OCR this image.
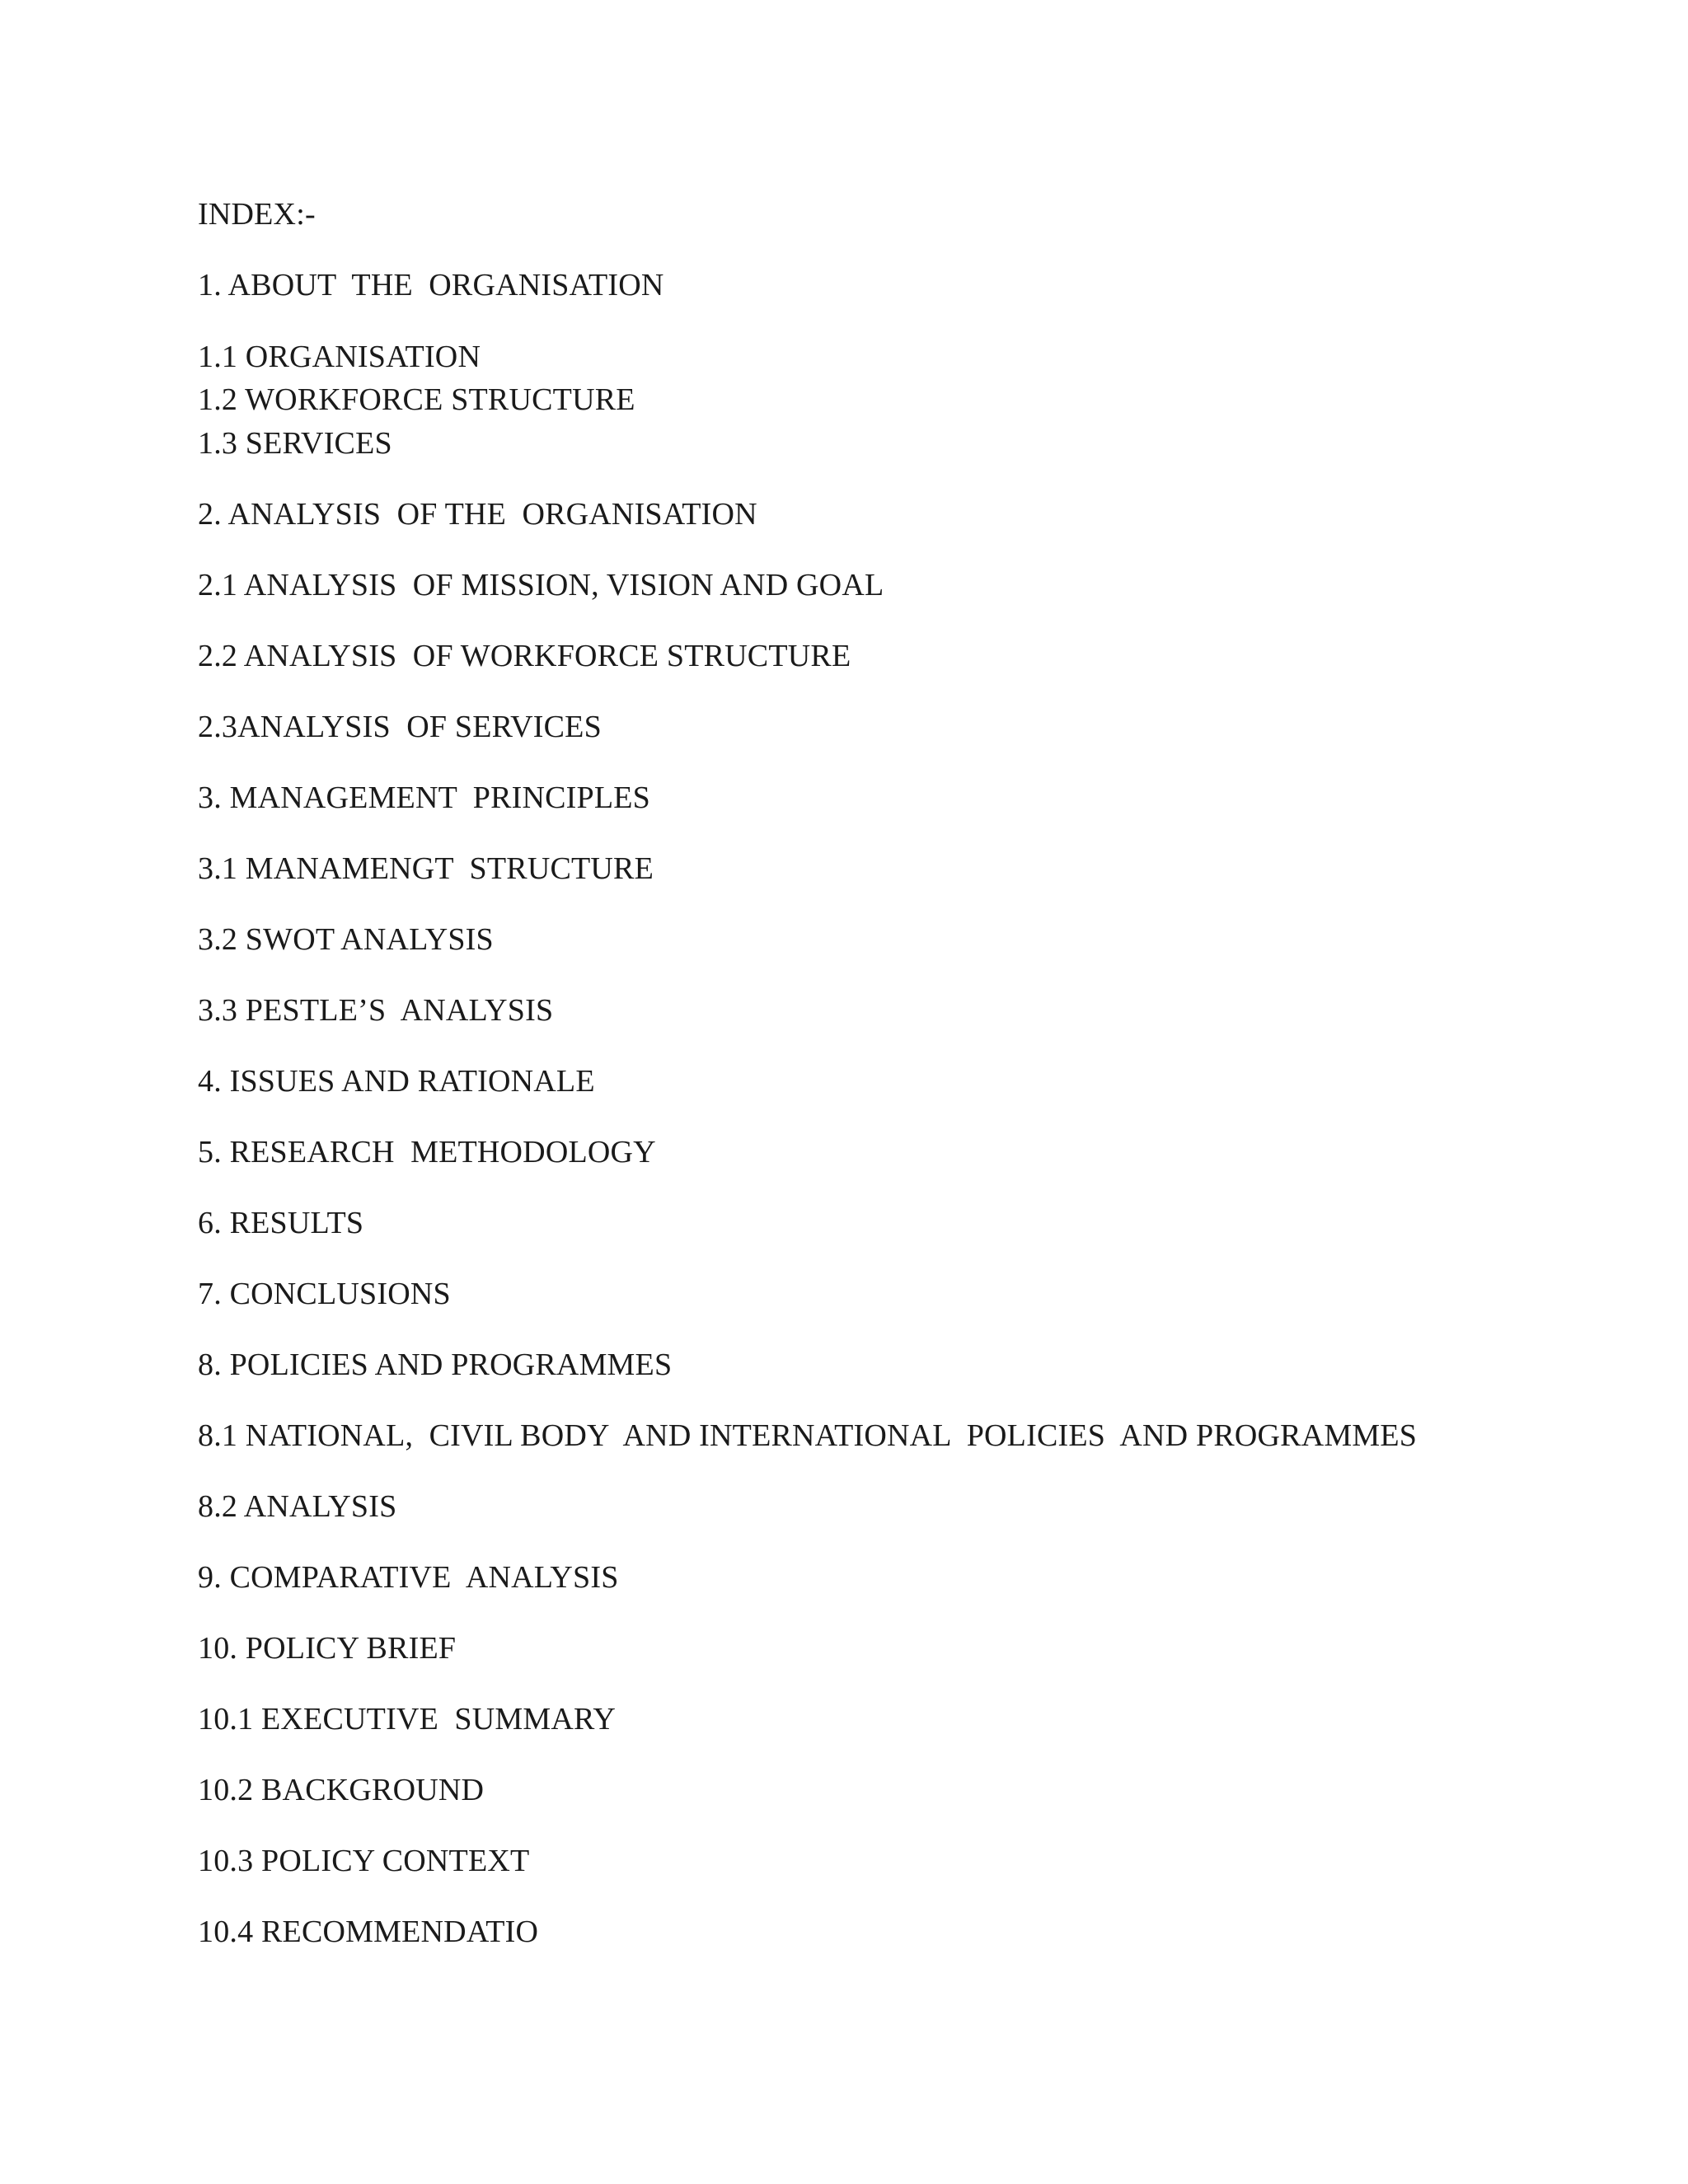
INDEX:-

1. ABOUT  THE  ORGANISATION

1.1 ORGANISATION

1.2 WORKFORCE STRUCTURE

1.3 SERVICES

2. ANALYSIS  OF THE  ORGANISATION

2.1 ANALYSIS  OF MISSION, VISION AND GOAL

2.2 ANALYSIS  OF WORKFORCE STRUCTURE

2.3ANALYSIS  OF SERVICES

3. MANAGEMENT  PRINCIPLES

3.1 MANAMENGT  STRUCTURE

3.2 SWOT ANALYSIS

3.3 PESTLE’S  ANALYSIS

4. ISSUES AND RATIONALE

5. RESEARCH  METHODOLOGY

6. RESULTS

7. CONCLUSIONS

8. POLICIES AND PROGRAMMES

8.1 NATIONAL,  CIVIL BODY  AND INTERNATIONAL  POLICIES  AND PROGRAMMES

8.2 ANALYSIS

9. COMPARATIVE  ANALYSIS

10. POLICY BRIEF

10.1 EXECUTIVE  SUMMARY

10.2 BACKGROUND

10.3 POLICY CONTEXT

10.4 RECOMMENDATIO
